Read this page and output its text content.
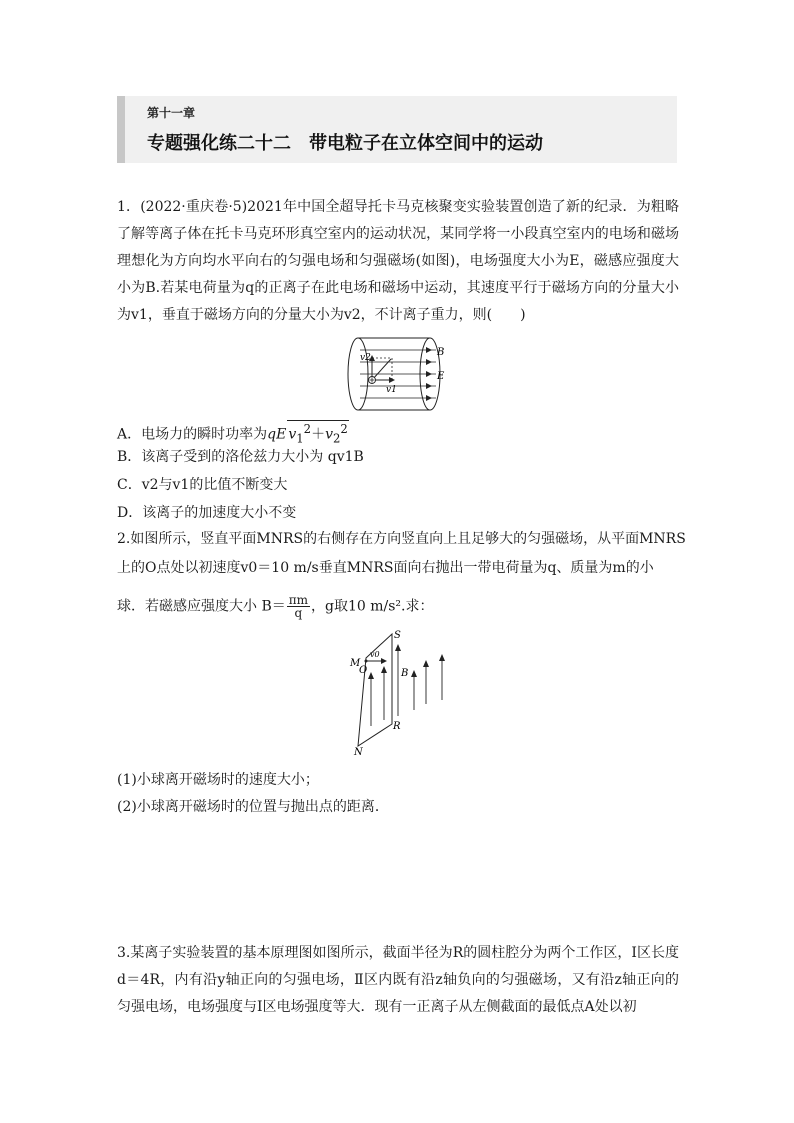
第十一章
专题强化练二十二　带电粒子在立体空间中的运动
1．(2022·重庆卷·5)2021年中国全超导托卡马克核聚变实验装置创造了新的纪录．为粗略了解等离子体在托卡马克环形真空室内的运动状况，某同学将一小段真空室内的电场和磁场理想化为方向均水平向右的匀强电场和匀强磁场(如图)，电场强度大小为E，磁感应强度大小为B.若某电荷量为q的正离子在此电场和磁场中运动，其速度平行于磁场方向的分量大小为v1，垂直于磁场方向的分量大小为v2，不计离子重力，则(　　)
v2
v1
B
E
A．电场力的瞬时功率为qE $v_1^2+v_2^2$
B．该离子受到的洛伦兹力大小为 qv1B
C．v2与v1的比值不断变大
D．该离子的加速度大小不变
2.如图所示，竖直平面MNRS的右侧存在方向竖直向上且足够大的匀强磁场，从平面MNRS
上的O点处以初速度v0＝10 m/s垂直MNRS面向右抛出一带电荷量为q、质量为m的小
球．若磁感应强度大小 $B= \frac{\pi m}{q}$ ，g取10 m/s².求：
M
O
v0
S
B
R
N
(1)小球离开磁场时的速度大小；
(2)小球离开磁场时的位置与抛出点的距离．
3.某离子实验装置的基本原理图如图所示，截面半径为R的圆柱腔分为两个工作区，Ⅰ区长度d＝4R，内有沿y轴正向的匀强电场，Ⅱ区内既有沿z轴负向的匀强磁场，又有沿z轴正向的匀强电场，电场强度与Ⅰ区电场强度等大．现有一正离子从左侧截面的最低点A处以初
